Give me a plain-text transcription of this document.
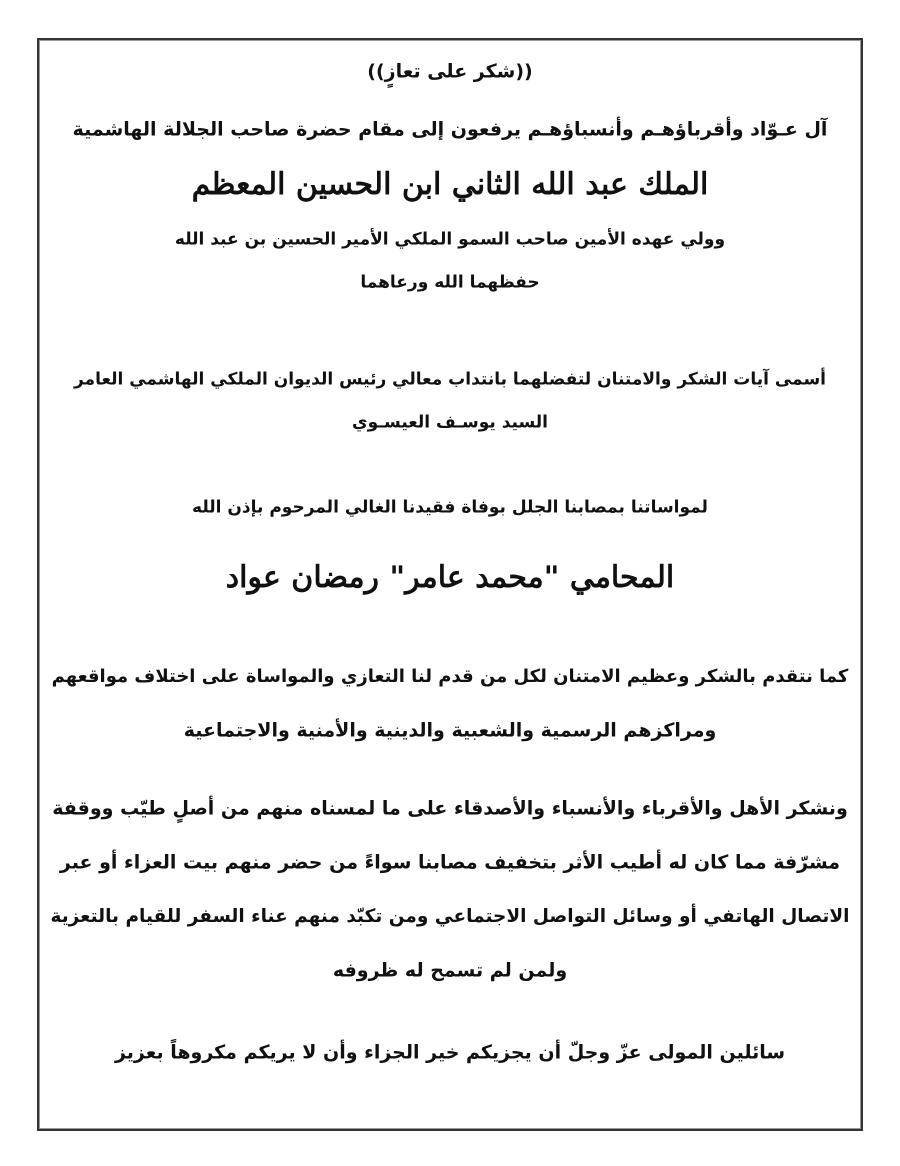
((شكر على تعازٍ))
آل عـوّاد وأقرباؤهـم وأنسباؤهـم يرفعون إلى مقام حضرة صاحب الجلالة الهاشمية
الملك عبد الله الثاني ابن الحسين المعظم
وولي عهده الأمين صاحب السمو الملكي الأمير الحسين بن عبد الله
حفظهما الله ورعاهما
أسمى آيات الشكر والامتنان لتفضلهما بانتداب معالي رئيس الديوان الملكي الهاشمي العامر
السيد يوسـف العيسـوي
لمواساتنا بمصابنا الجلل بوفاة فقيدنا الغالي المرحوم بإذن الله
المحامي "محمد عامر" رمضان عواد
كما نتقدم بالشكر وعظيم الامتنان لكل من قدم لنا التعازي والمواساة على اختلاف مواقعهم
ومراكزهم الرسمية والشعبية والدينية والأمنية والاجتماعية
ونشكر الأهل والأقرباء والأنسباء والأصدقاء على ما لمسناه منهم من أصلٍ طيّب ووقفة
مشرّفة مما كان له أطيب الأثر بتخفيف مصابنا سواءً من حضر منهم بيت العزاء أو عبر
الاتصال الهاتفي أو وسائل التواصل الاجتماعي ومن تكبّد منهم عناء السفر للقيام بالتعزية
ولمن لم تسمح له ظروفه
سائلين المولى عزّ وجلّ أن يجزيكم خير الجزاء وأن لا يريكم مكروهاً بعزيز
